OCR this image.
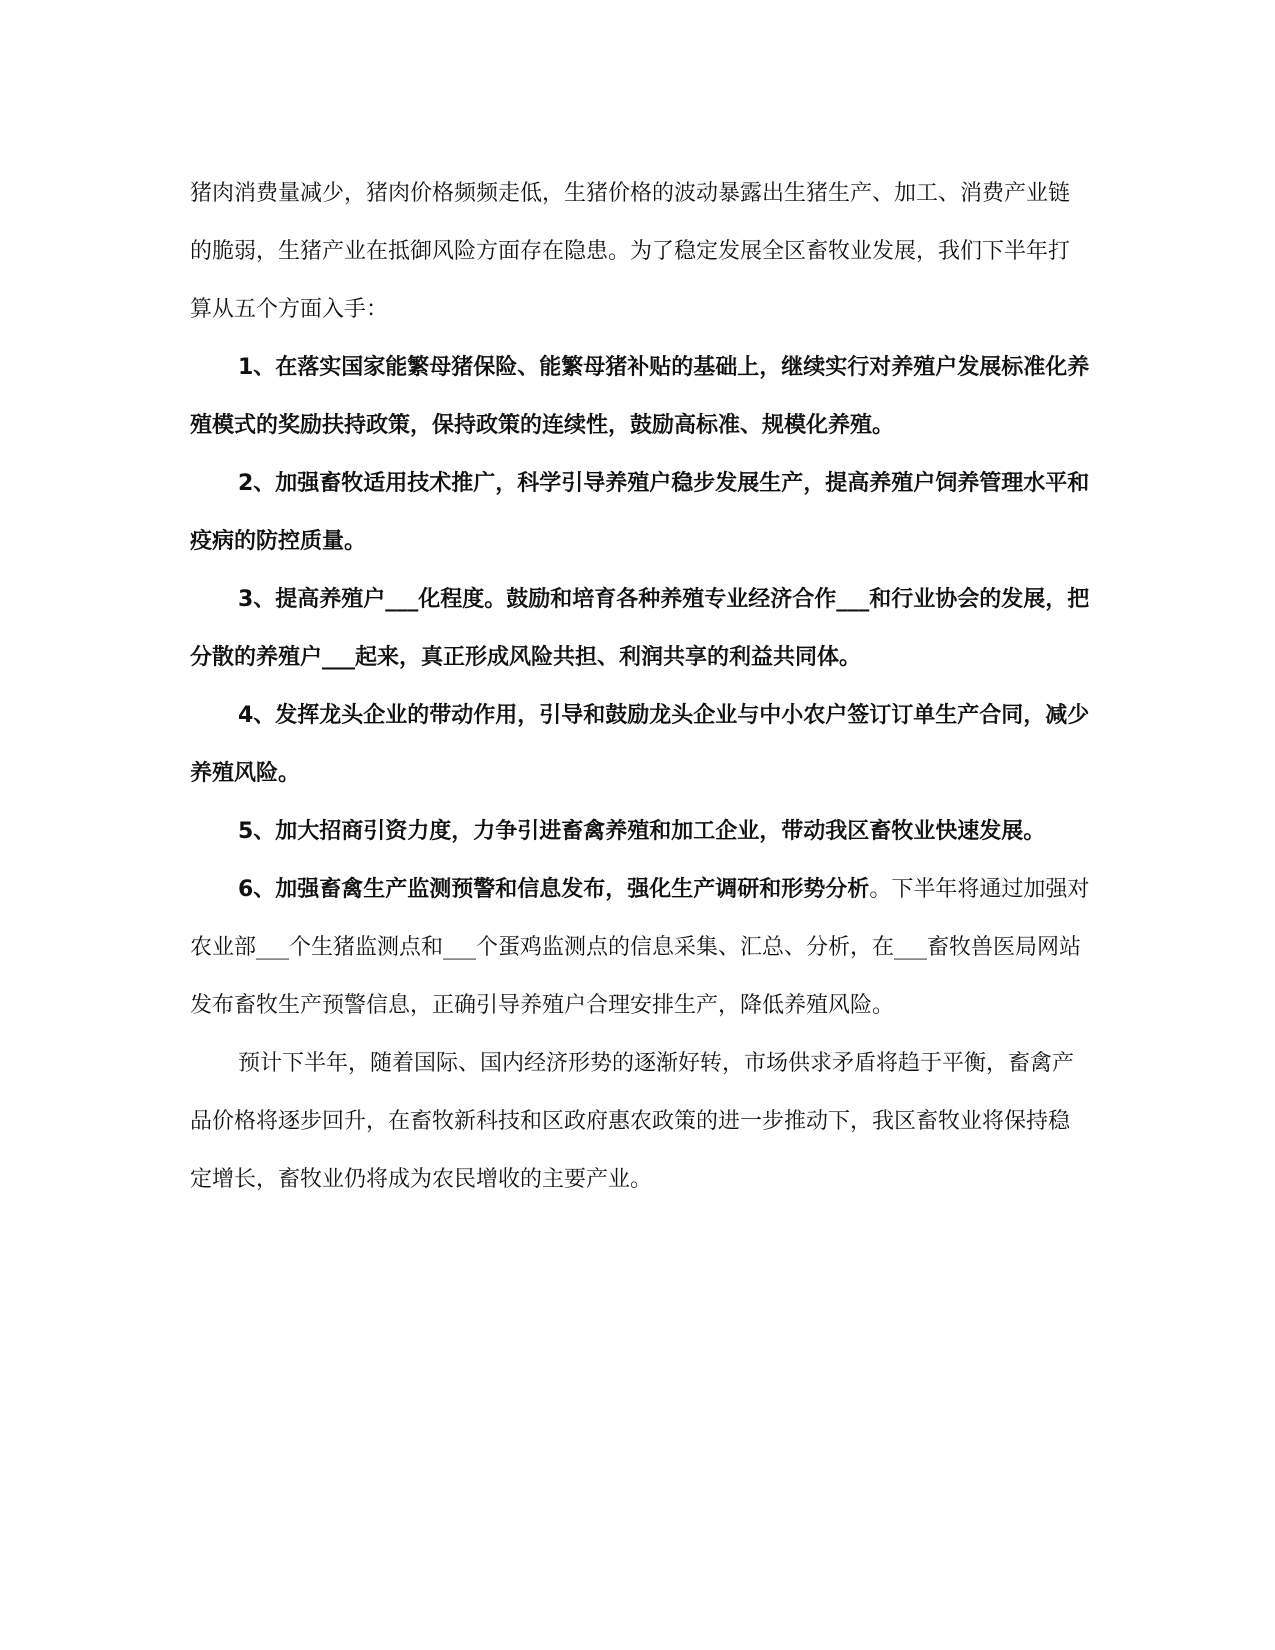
猪肉消费量减少，猪肉价格频频走低，生猪价格的波动暴露出生猪生产、加工、消费产业链的脆弱，生猪产业在抵御风险方面存在隐患。为了稳定发展全区畜牧业发展，我们下半年打算从五个方面入手：

1、在落实国家能繁母猪保险、能繁母猪补贴的基础上，继续实行对养殖户发展标准化养殖模式的奖励扶持政策，保持政策的连续性，鼓励高标准、规模化养殖。

2、加强畜牧适用技术推广，科学引导养殖户稳步发展生产，提高养殖户饲养管理水平和疫病的防控质量。

3、提高养殖户___化程度。鼓励和培育各种养殖专业经济合作___和行业协会的发展，把分散的养殖户___起来，真正形成风险共担、利润共享的利益共同体。

4、发挥龙头企业的带动作用，引导和鼓励龙头企业与中小农户签订订单生产合同，减少养殖风险。

5、加大招商引资力度，力争引进畜禽养殖和加工企业，带动我区畜牧业快速发展。

6、加强畜禽生产监测预警和信息发布，强化生产调研和形势分析。下半年将通过加强对农业部___个生猪监测点和___个蛋鸡监测点的信息采集、汇总、分析，在___畜牧兽医局网站发布畜牧生产预警信息，正确引导养殖户合理安排生产，降低养殖风险。

预计下半年，随着国际、国内经济形势的逐渐好转，市场供求矛盾将趋于平衡，畜禽产品价格将逐步回升，在畜牧新科技和区政府惠农政策的进一步推动下，我区畜牧业将保持稳定增长，畜牧业仍将成为农民增收的主要产业。
